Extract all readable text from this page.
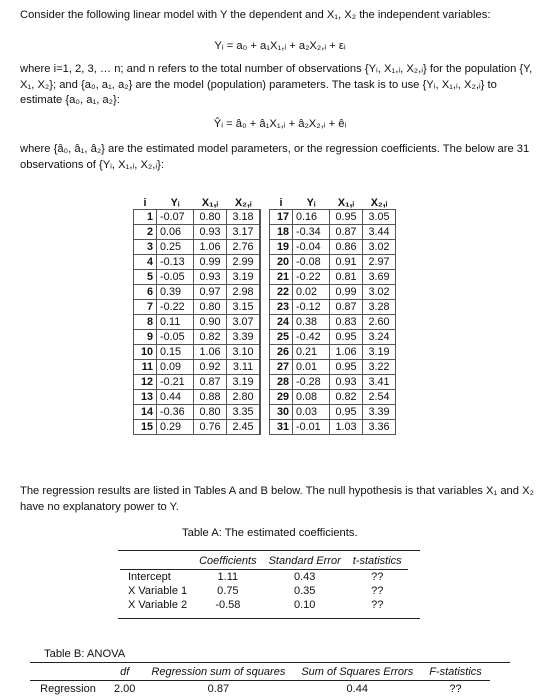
Consider the following linear model with Y the dependent and X₁, X₂ the independent variables:
Yᵢ = a₀ + a₁X₁,ᵢ + a₂X₂,ᵢ + εᵢ
where i=1, 2, 3, … n; and n refers to the total number of observations {Yᵢ, X₁,ᵢ, X₂,ᵢ} for the population {Y, X₁, X₂}; and {a₀, a₁, a₂} are the model (population) parameters. The task is to use {Yᵢ, X₁,ᵢ, X₂,ᵢ} to estimate {a₀, a₁, a₂}:
Ŷᵢ = â₀ + â₁X₁,ᵢ + â₂X₂,ᵢ + êᵢ
where {â₀, â₁, â₂} are the estimated model parameters, or the regression coefficients. The below are 31 observations of {Yᵢ, X₁,ᵢ, X₂,ᵢ}:
i	Yᵢ	X₁,ᵢ	X₂,ᵢ		i	Yᵢ	X₁,ᵢ	X₂,ᵢ
1	-0.07	0.80	3.18		17	0.16	0.95	3.05
2	0.06	0.93	3.17		18	-0.34	0.87	3.44
3	0.25	1.06	2.76		19	-0.04	0.86	3.02
4	-0.13	0.99	2.99		20	-0.08	0.91	2.97
5	-0.05	0.93	3.19		21	-0.22	0.81	3.69
6	0.39	0.97	2.98		22	0.02	0.99	3.02
7	-0.22	0.80	3.15		23	-0.12	0.87	3.28
8	0.11	0.90	3.07		24	0.38	0.83	2.60
9	-0.05	0.82	3.39		25	-0.42	0.95	3.24
10	0.15	1.06	3.10		26	0.21	1.06	3.19
11	0.09	0.92	3.11		27	0.01	0.95	3.22
12	-0.21	0.87	3.19		28	-0.28	0.93	3.41
13	0.44	0.88	2.80		29	0.08	0.82	2.54
14	-0.36	0.80	3.35		30	0.03	0.95	3.39
15	0.29	0.76	2.45		31	-0.01	1.03	3.36
The regression results are listed in Tables A and B below. The null hypothesis is that variables X₁ and X₂ have no explanatory power to Y.
Table A: The estimated coefficients.
	Coefficients	Standard Error	t-statistics
Intercept	1.11	0.43	??
X Variable 1	0.75	0.35	??
X Variable 2	-0.58	0.10	??
Table B: ANOVA
	df	Regression sum of squares	Sum of Squares Errors	F-statistics
Regression	2.00	0.87	0.44	??
